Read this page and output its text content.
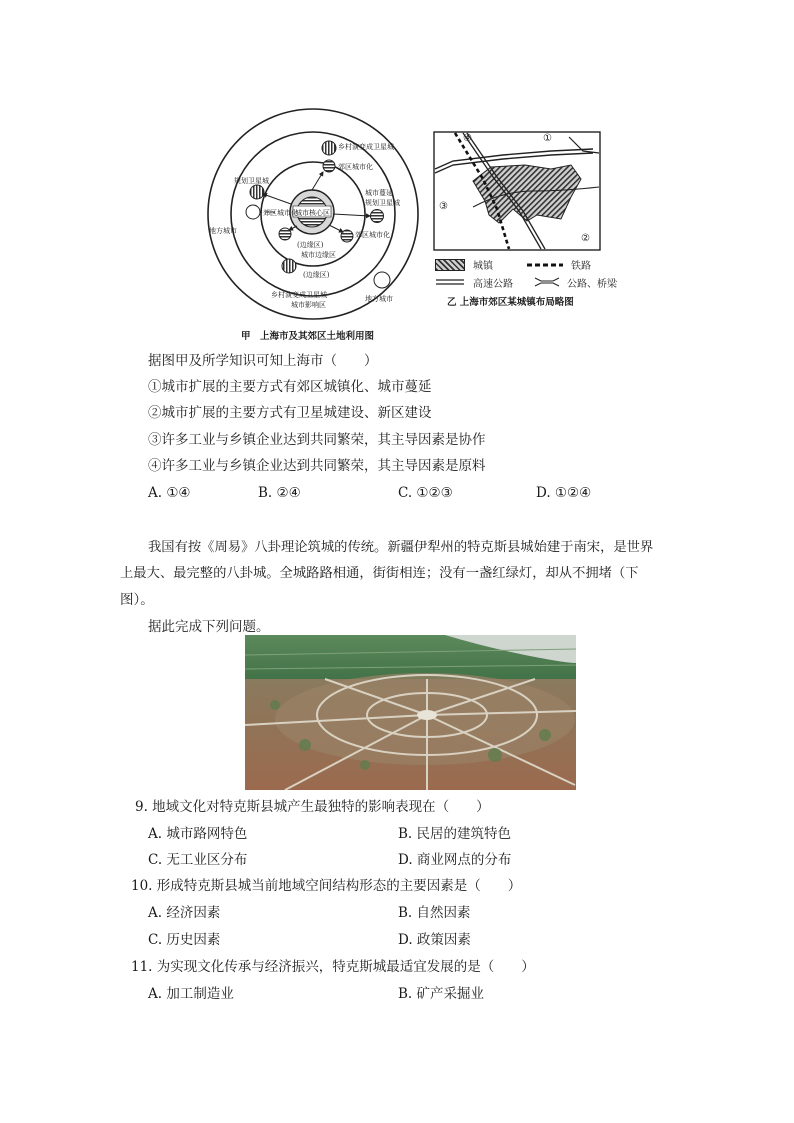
城市核心区
乡村演变成卫星城
郊区城市化
规划卫星城
郊区城市化
地方城市
城市蔓延
规划卫星城
郊区城市化
(边缘区)
城市边缘区
(边缘区)
乡村演变成卫星城
城市影响区
地方城市
甲　上海市及其郊区土地利用图
④	①
③
②
城镇	铁路
高速公路	公路、桥梁
乙 上海市郊区某城镇布局略图
据图甲及所学知识可知上海市（　　）
①城市扩展的主要方式有郊区城镇化、城市蔓延
②城市扩展的主要方式有卫星城建设、新区建设
③许多工业与乡镇企业达到共同繁荣，其主导因素是协作
④许多工业与乡镇企业达到共同繁荣，其主导因素是原料
A. ①④	B. ②④	C. ①②③	D. ①②④
我国有按《周易》八卦理论筑城的传统。新疆伊犁州的特克斯县城始建于南宋，是世界
上最大、最完整的八卦城。全城路路相通，街街相连；没有一盏红绿灯，却从不拥堵（下
图）。
据此完成下列问题。
9. 地域文化对特克斯县城产生最独特的影响表现在（　　）
A. 城市路网特色	B. 民居的建筑特色
C. 无工业区分布	D. 商业网点的分布
10. 形成特克斯县城当前地域空间结构形态的主要因素是（　　）
A. 经济因素	B. 自然因素
C. 历史因素	D. 政策因素
11. 为实现文化传承与经济振兴，特克斯城最适宜发展的是（　　）
A. 加工制造业	B. 矿产采掘业
